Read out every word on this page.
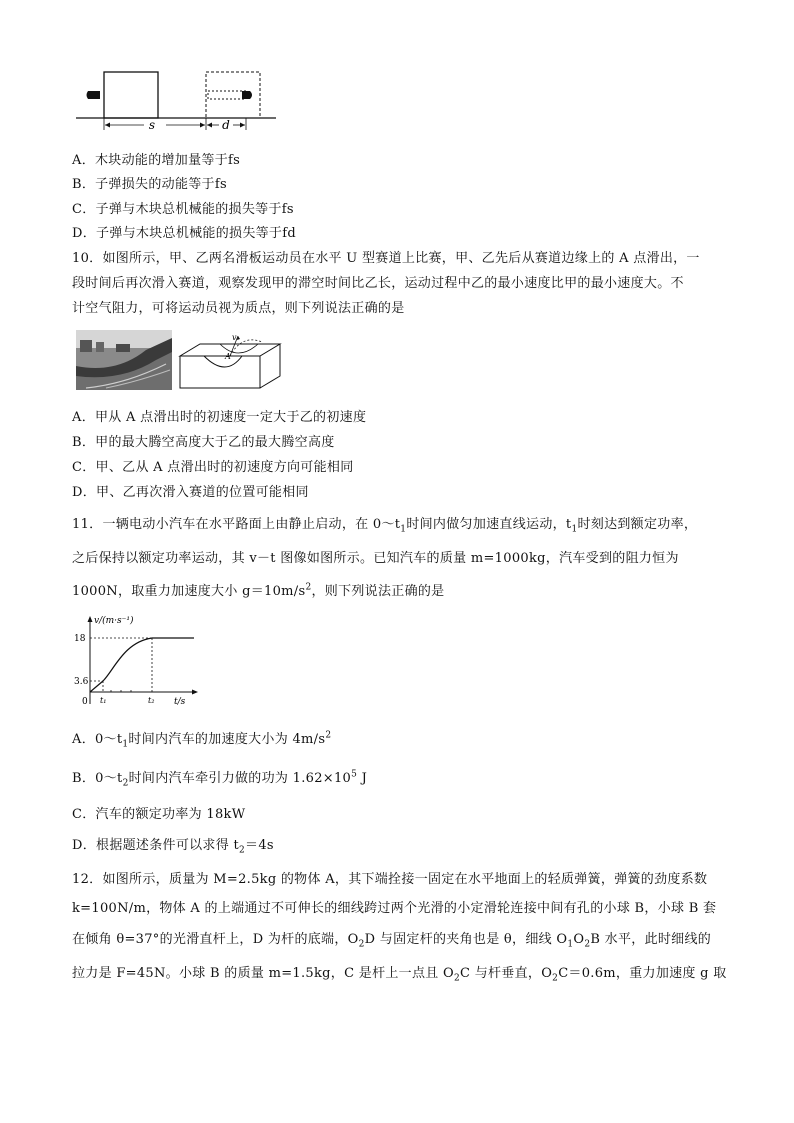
s	d
A．木块动能的增加量等于fs
B．子弹损失的动能等于fs
C．子弹与木块总机械能的损失等于fs
D．子弹与木块总机械能的损失等于fd
10．如图所示，甲、乙两名滑板运动员在水平 U 型赛道上比赛，甲、乙先后从赛道边缘上的 A 点滑出，一
段时间后再次滑入赛道，观察发现甲的滞空时间比乙长，运动过程中乙的最小速度比甲的最小速度大。不
计空气阻力，可将运动员视为质点，则下列说法正确的是
v
A
A．甲从 A 点滑出时的初速度一定大于乙的初速度
B．甲的最大腾空高度大于乙的最大腾空高度
C．甲、乙从 A 点滑出时的初速度方向可能相同
D．甲、乙再次滑入赛道的位置可能相同
11．一辆电动小汽车在水平路面上由静止启动，在 $0\sim t_1$时间内做匀加速直线运动，$t_1$时刻达到额定功率，
之后保持以额定功率运动，其 v－t 图像如图所示。已知汽车的质量 m=1000kg，汽车受到的阻力恒为
1000N，取重力加速度大小 $g=10m/s^2$，则下列说法正确的是
v/(m·s⁻¹)
t/s
0
18
3.6
t₁	t₂
A．$0\sim t_1$时间内汽车的加速度大小为 $4m/s^2$
B．$0\sim t_2$时间内汽车牵引力做的功为 $1.62\times 10^5$ J
C．汽车的额定功率为 18kW
D．根据题述条件可以求得 $t_2=4s$
12．如图所示，质量为 M=2.5kg 的物体 A，其下端拴接一固定在水平地面上的轻质弹簧，弹簧的劲度系数
k=100N/m，物体 A 的上端通过不可伸长的细线跨过两个光滑的小定滑轮连接中间有孔的小球 B，小球 B 套
在倾角 θ=37°的光滑直杆上，D 为杆的底端，$O_2D$ 与固定杆的夹角也是 θ，细线 $O_1O_2B$ 水平，此时细线的
拉力是 F=45N。小球 B 的质量 m=1.5kg，C 是杆上一点且 $O_2C$ 与杆垂直，$O_2C=0.6m$，重力加速度 g 取
